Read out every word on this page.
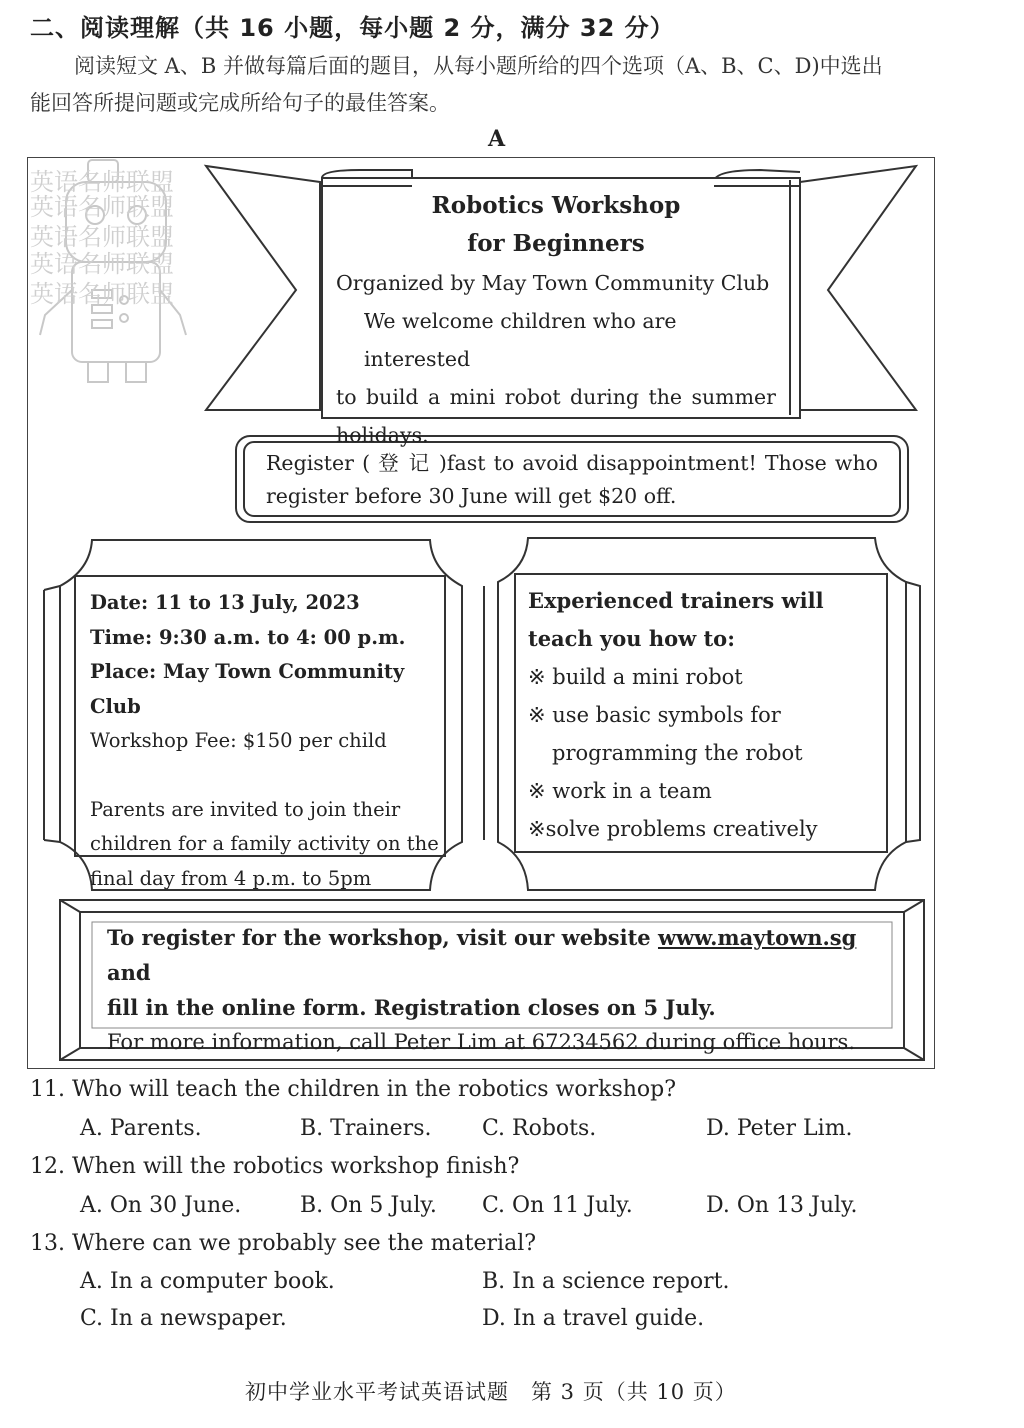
二、阅读理解（共 16 小题，每小题 2 分，满分 32 分）
阅读短文 A、B 并做每篇后面的题目，从每小题所给的四个选项（A、B、C、D)中选出
能回答所提问题或完成所给句子的最佳答案。
A
英语名师联盟
英语名师联盟
英语名师联盟
英语名师联盟
英语名师联盟
Robotics Workshop
for Beginners
Organized by May Town Community Club
We welcome children who are interested
to build a mini robot during the summer
holidays.
Register ( 登 记 )fast to avoid disappointment! Those who
register before 30 June will get $20 off.
Date: 11 to 13 July, 2023
Time: 9:30 a.m. to 4: 00 p.m.
Place: May Town Community Club
Workshop Fee: $150 per child
Parents are invited to join their
children for a family activity on the
final day from 4 p.m. to 5pm
Experienced trainers will
teach you how to:
※ build a mini robot
※ use basic symbols for
programming the robot
※ work in a team
※solve problems creatively
To register for the workshop, visit our website www.maytown.sg and
fill in the online form. Registration closes on 5 July.
For more information, call Peter Lim at 67234562 during office hours.
11. Who will teach the children in the robotics workshop?
A. Parents.	B. Trainers. C. Robots.	D. Peter Lim.
12. When will the robotics workshop finish?
A. On 30 June.	B. On 5 July. C. On 11 July.	D. On 13 July.
13. Where can we probably see the material?
A. In a computer book.	B. In a science report.
C. In a newspaper.	D. In a travel guide.
初中学业水平考试英语试题　第 3 页（共 10 页）
